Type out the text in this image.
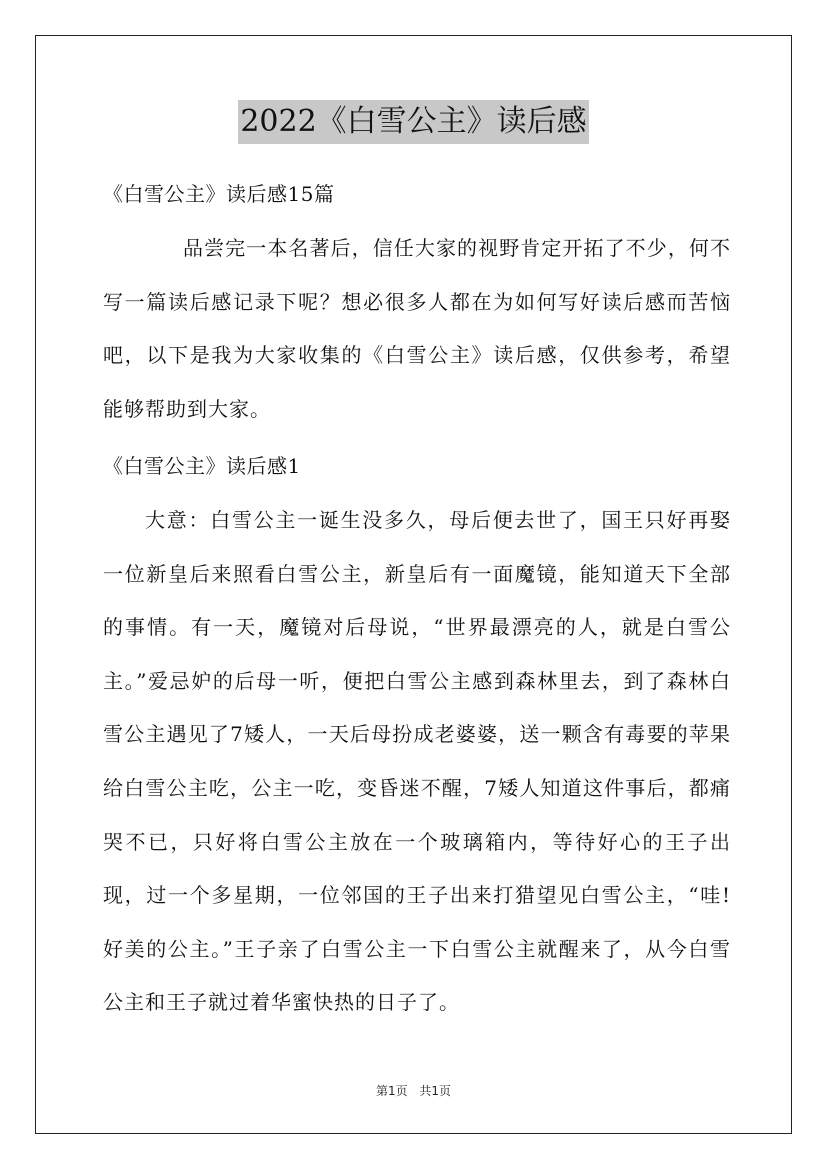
2022《白雪公主》读后感
《白雪公主》读后感15篇
品尝完一本名著后，信任大家的视野肯定开拓了不少，何不写一篇读后感记录下呢？想必很多人都在为如何写好读后感而苦恼吧，以下是我为大家收集的《白雪公主》读后感，仅供参考，希望能够帮助到大家。
《白雪公主》读后感1
大意：白雪公主一诞生没多久，母后便去世了，国王只好再娶一位新皇后来照看白雪公主，新皇后有一面魔镜，能知道天下全部的事情。有一天，魔镜对后母说，“世界最漂亮的人，就是白雪公主。”爱忌妒的后母一听，便把白雪公主感到森林里去，到了森林白雪公主遇见了7矮人，一天后母扮成老婆婆，送一颗含有毒要的苹果给白雪公主吃，公主一吃，变昏迷不醒，7矮人知道这件事后，都痛哭不已，只好将白雪公主放在一个玻璃箱内，等待好心的王子出现，过一个多星期，一位邻国的王子出来打猎望见白雪公主，“哇!好美的公主。”王子亲了白雪公主一下白雪公主就醒来了，从今白雪公主和王子就过着华蜜快热的日子了。
第1页 共1页
